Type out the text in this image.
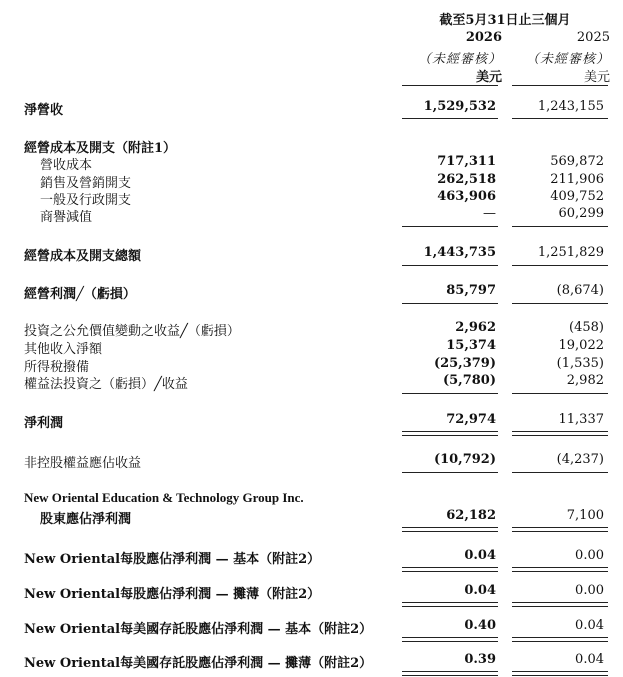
截至5月31日止三個月
2026	2025
（未經審核）	（未經審核）
美元	美元
淨營收	1,529,532	1,243,155
經營成本及開支（附註1）
營收成本	717,311	569,872
銷售及營銷開支	262,518	211,906
一般及行政開支	463,906	409,752
商譽減值	—	60,299
經營成本及開支總額	1,443,735	1,251,829
經營利潤╱（虧損）	85,797	(8,674)
投資之公允價值變動之收益╱（虧損）	2,962	(458)
其他收入淨額	15,374	19,022
所得稅撥備	(25,379)	(1,535)
權益法投資之（虧損）╱收益	(5,780)	2,982
淨利潤	72,974	11,337
非控股權益應佔收益	(10,792)	(4,237)
New Oriental Education & Technology Group Inc.
股東應佔淨利潤	62,182	7,100
New Oriental每股應佔淨利潤 — 基本（附註2）	0.04	0.00
New Oriental每股應佔淨利潤 — 攤薄（附註2）	0.04	0.00
New Oriental每美國存託股應佔淨利潤 — 基本（附註2）	0.40	0.04
New Oriental每美國存託股應佔淨利潤 — 攤薄（附註2）	0.39	0.04
